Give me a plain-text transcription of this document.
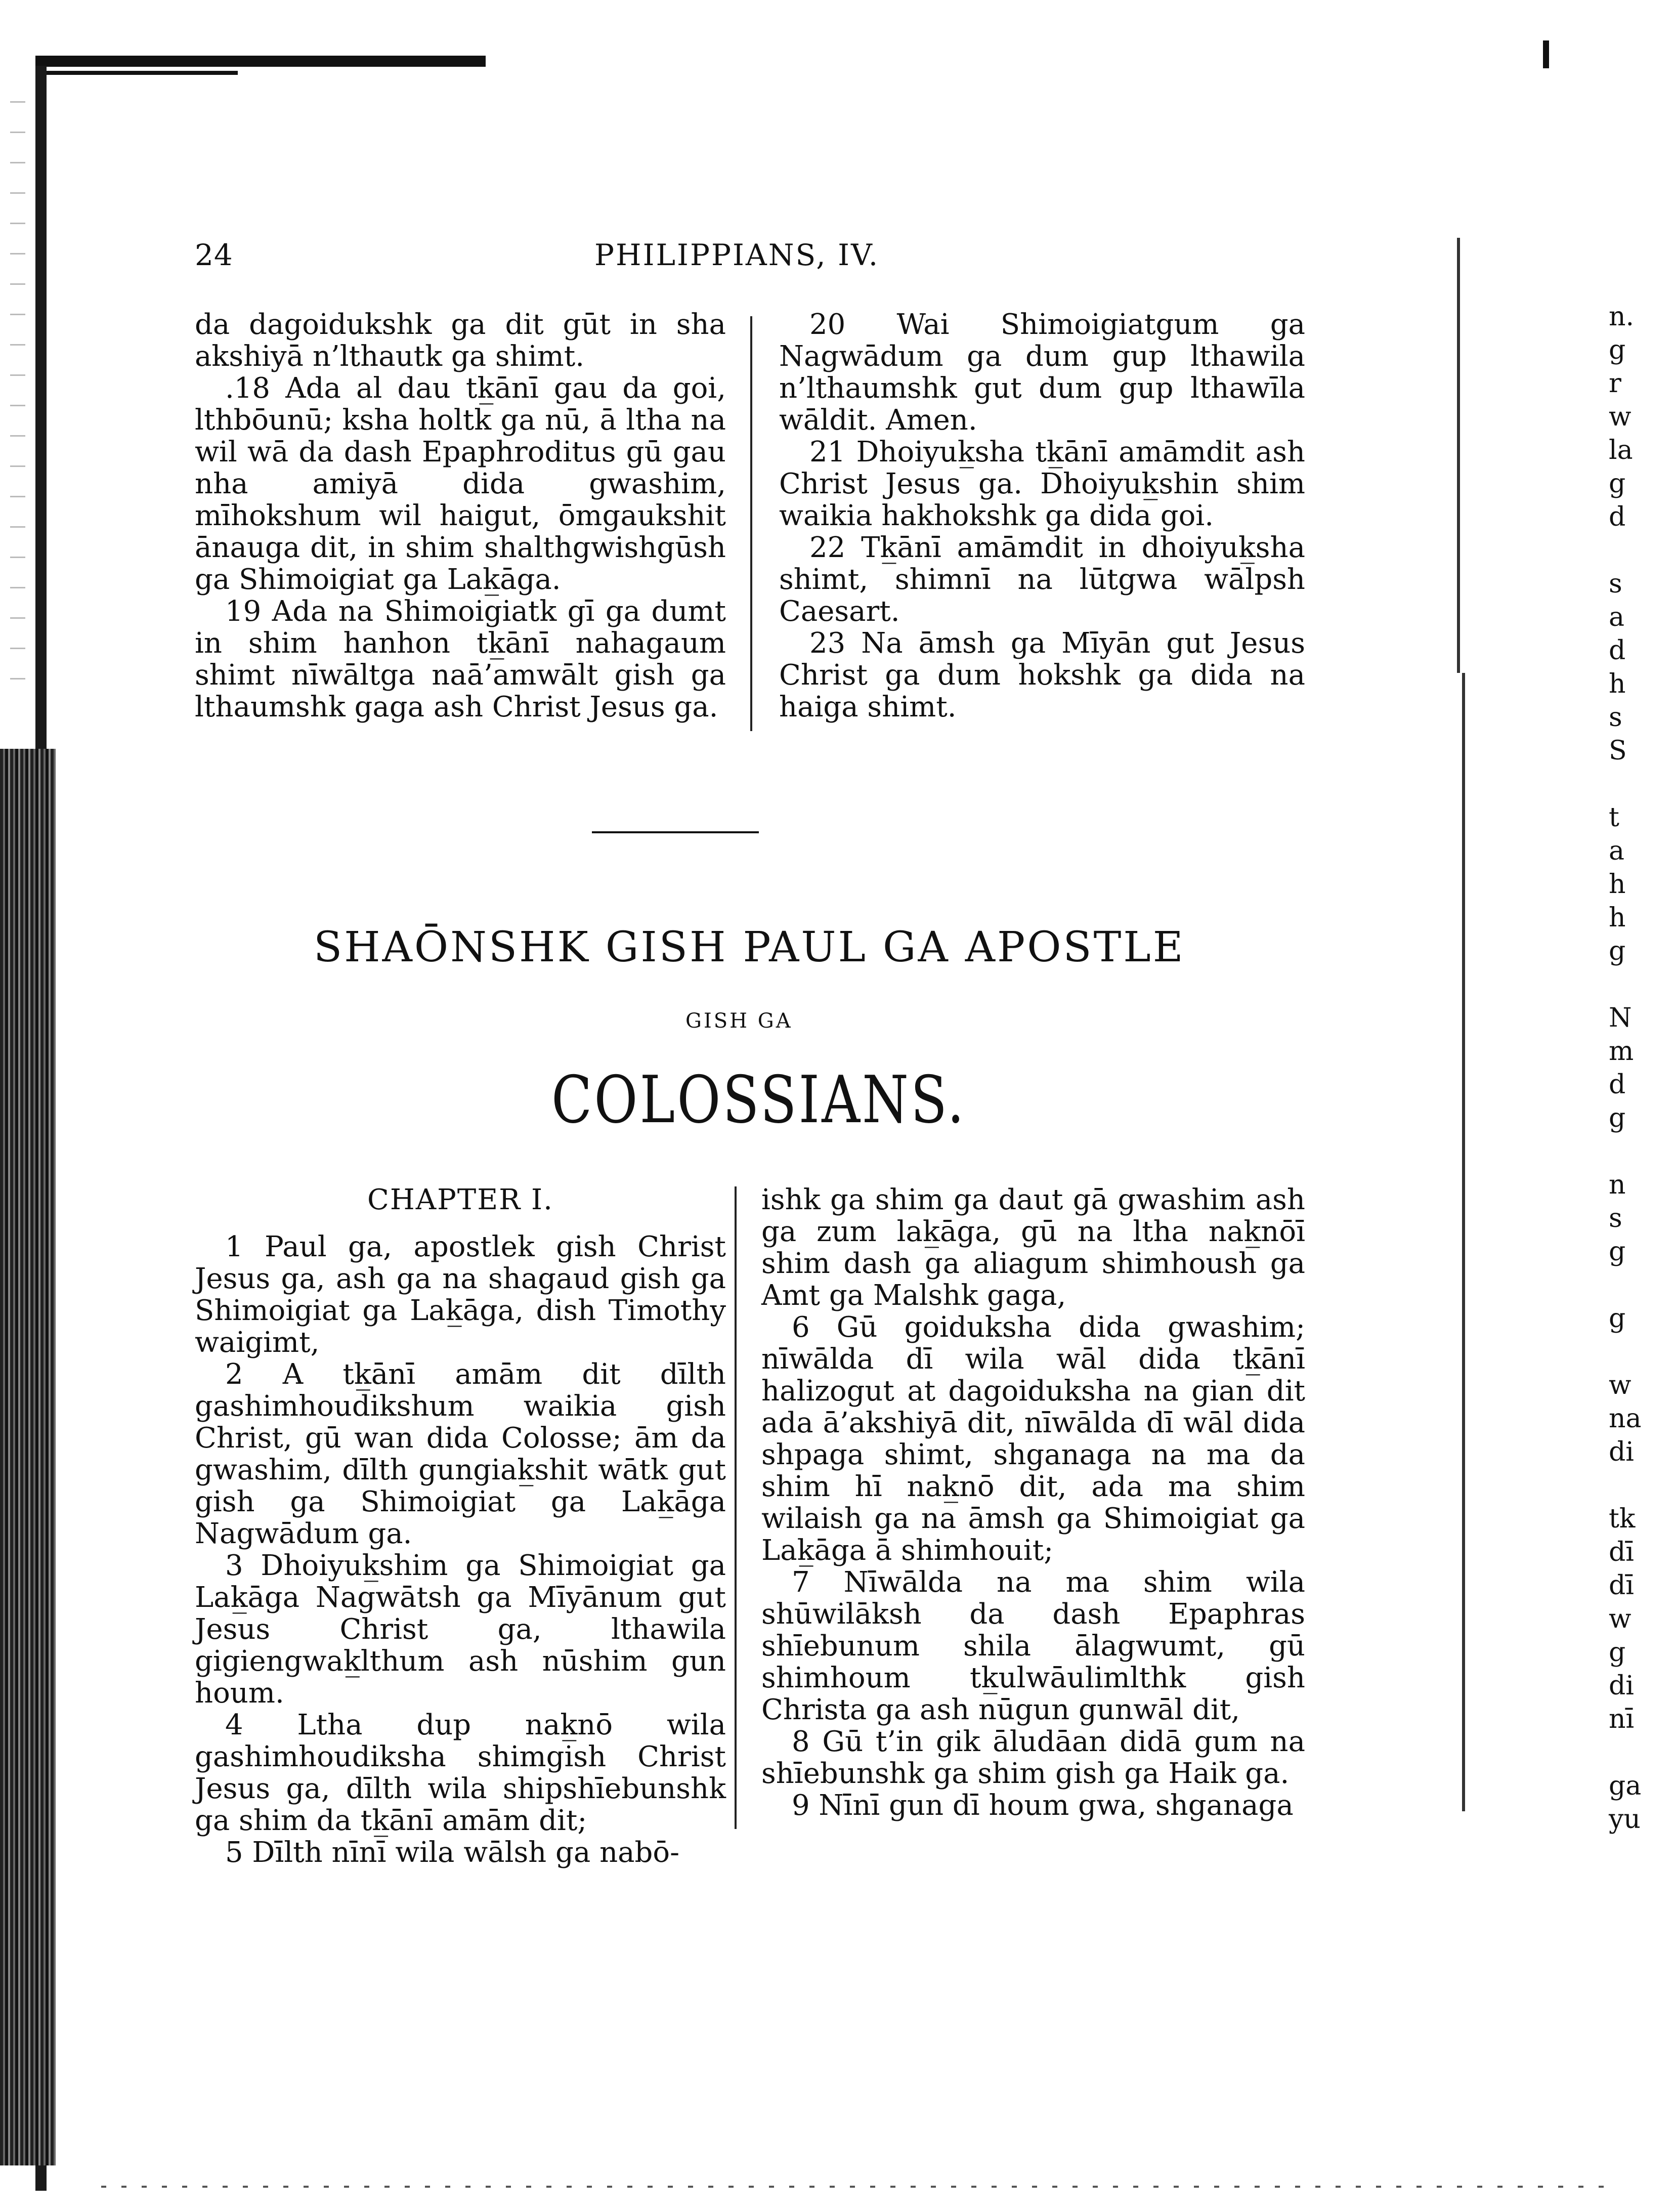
24	PHILIPPIANS, IV.

da dagoidukshk ga dit gūt in sha akshiyā n’lthautk ga shimt.

.18 Ada al dau tk̲ānī gau da goi, lthbōunū; ksha holtk ga nū, ā ltha na wil wā da dash Epaphroditus gū gau nha amiyā dida gwashim, mīhokshum wil haigut, ōmgaukshit ānauga dit, in shim shalthgwishgūsh ga Shimoigiat ga Lak̲āga.

19 Ada na Shimoigiatk gī ga dumt in shim hanhon tk̲ānī nahagaum shimt nīwāltga naā’amwālt gish ga lthaumshk gaga ash Christ Jesus ga.

20 Wai Shimoigiatgum ga Nagwādum ga dum gup lthawila n’lthaumshk gut dum gup lthawīla wāldit. Amen.

21 Dhoiyuk̲sha tk̲ānī amāmdit ash Christ Jesus ga. Dhoiyuk̲shin shim waikia hakhokshk ga dida goi.

22 Tk̲ānī amāmdit in dhoiyuk̲sha shimt, shimnī na lūtgwa wālpsh Caesart.

23 Na āmsh ga Mīyān gut Jesus Christ ga dum hokshk ga dida na haiga shimt.

SHAŌNSHK GISH PAUL GA APOSTLE
GISH GA
COLOSSIANS.

CHAPTER I.

1 Paul ga, apostlek gish Christ Jesus ga, ash ga na shagaud gish ga Shimoigiat ga Lak̲āga, dish Timothy waigimt,

2 A tk̲ānī amām dit dīlth gashimhoudikshum waikia gish Christ, gū wan dida Colosse; ām da gwashim, dīlth gungiak̲shit wātk gut gish ga Shimoigiat ga Lak̲āga Nagwādum ga.

3 Dhoiyuk̲shim ga Shimoigiat ga Lak̲āga Nagwātsh ga Mīyānum gut Jesus Christ ga, lthawila gigiengwak̲lthum ash nūshim gun houm.

4 Ltha dup nak̲nō wila gashimhoudiksha shimgish Christ Jesus ga, dīlth wila shipshīebunshk ga shim da tk̲ānī amām dit;

5 Dīlth nīnī wila wālsh ga nabō-

ishk ga shim ga daut gā gwashim ash ga zum lak̲āga, gū na ltha nak̲nōī shim dash ga aliagum shimhoush ga Amt ga Malshk gaga,

6 Gū goiduksha dida gwashim; nīwālda dī wila wāl dida tk̲ānī halizogut at dagoiduksha na gian dit ada ā’akshiyā dit, nīwālda dī wāl dida shpaga shimt, shganaga na ma da shim hī nak̲nō dit, ada ma shim wilaish ga na āmsh ga Shimoigiat ga Lak̲āga ā shimhouit;

7 Nīwālda na ma shim wila shūwilāksh da dash Epaphras shīebunum shila ālagwumt, gū shimhoum tk̲ulwāulimlthk gish Christa ga ash nūgun gunwāl dit,

8 Gū t’in gik āludāan didā gum na shīebunshk ga shim gish ga Haik ga.

9 Nīnī gun dī houm gwa, shganaga

n.
g
r
w
la
g
d
s
a
d
h
s
S
t
a
h
h
g
N
m
d
g
n
s
g
g
w
na
di
tk
dī
dī
w
g
di
nī
ga
yu
